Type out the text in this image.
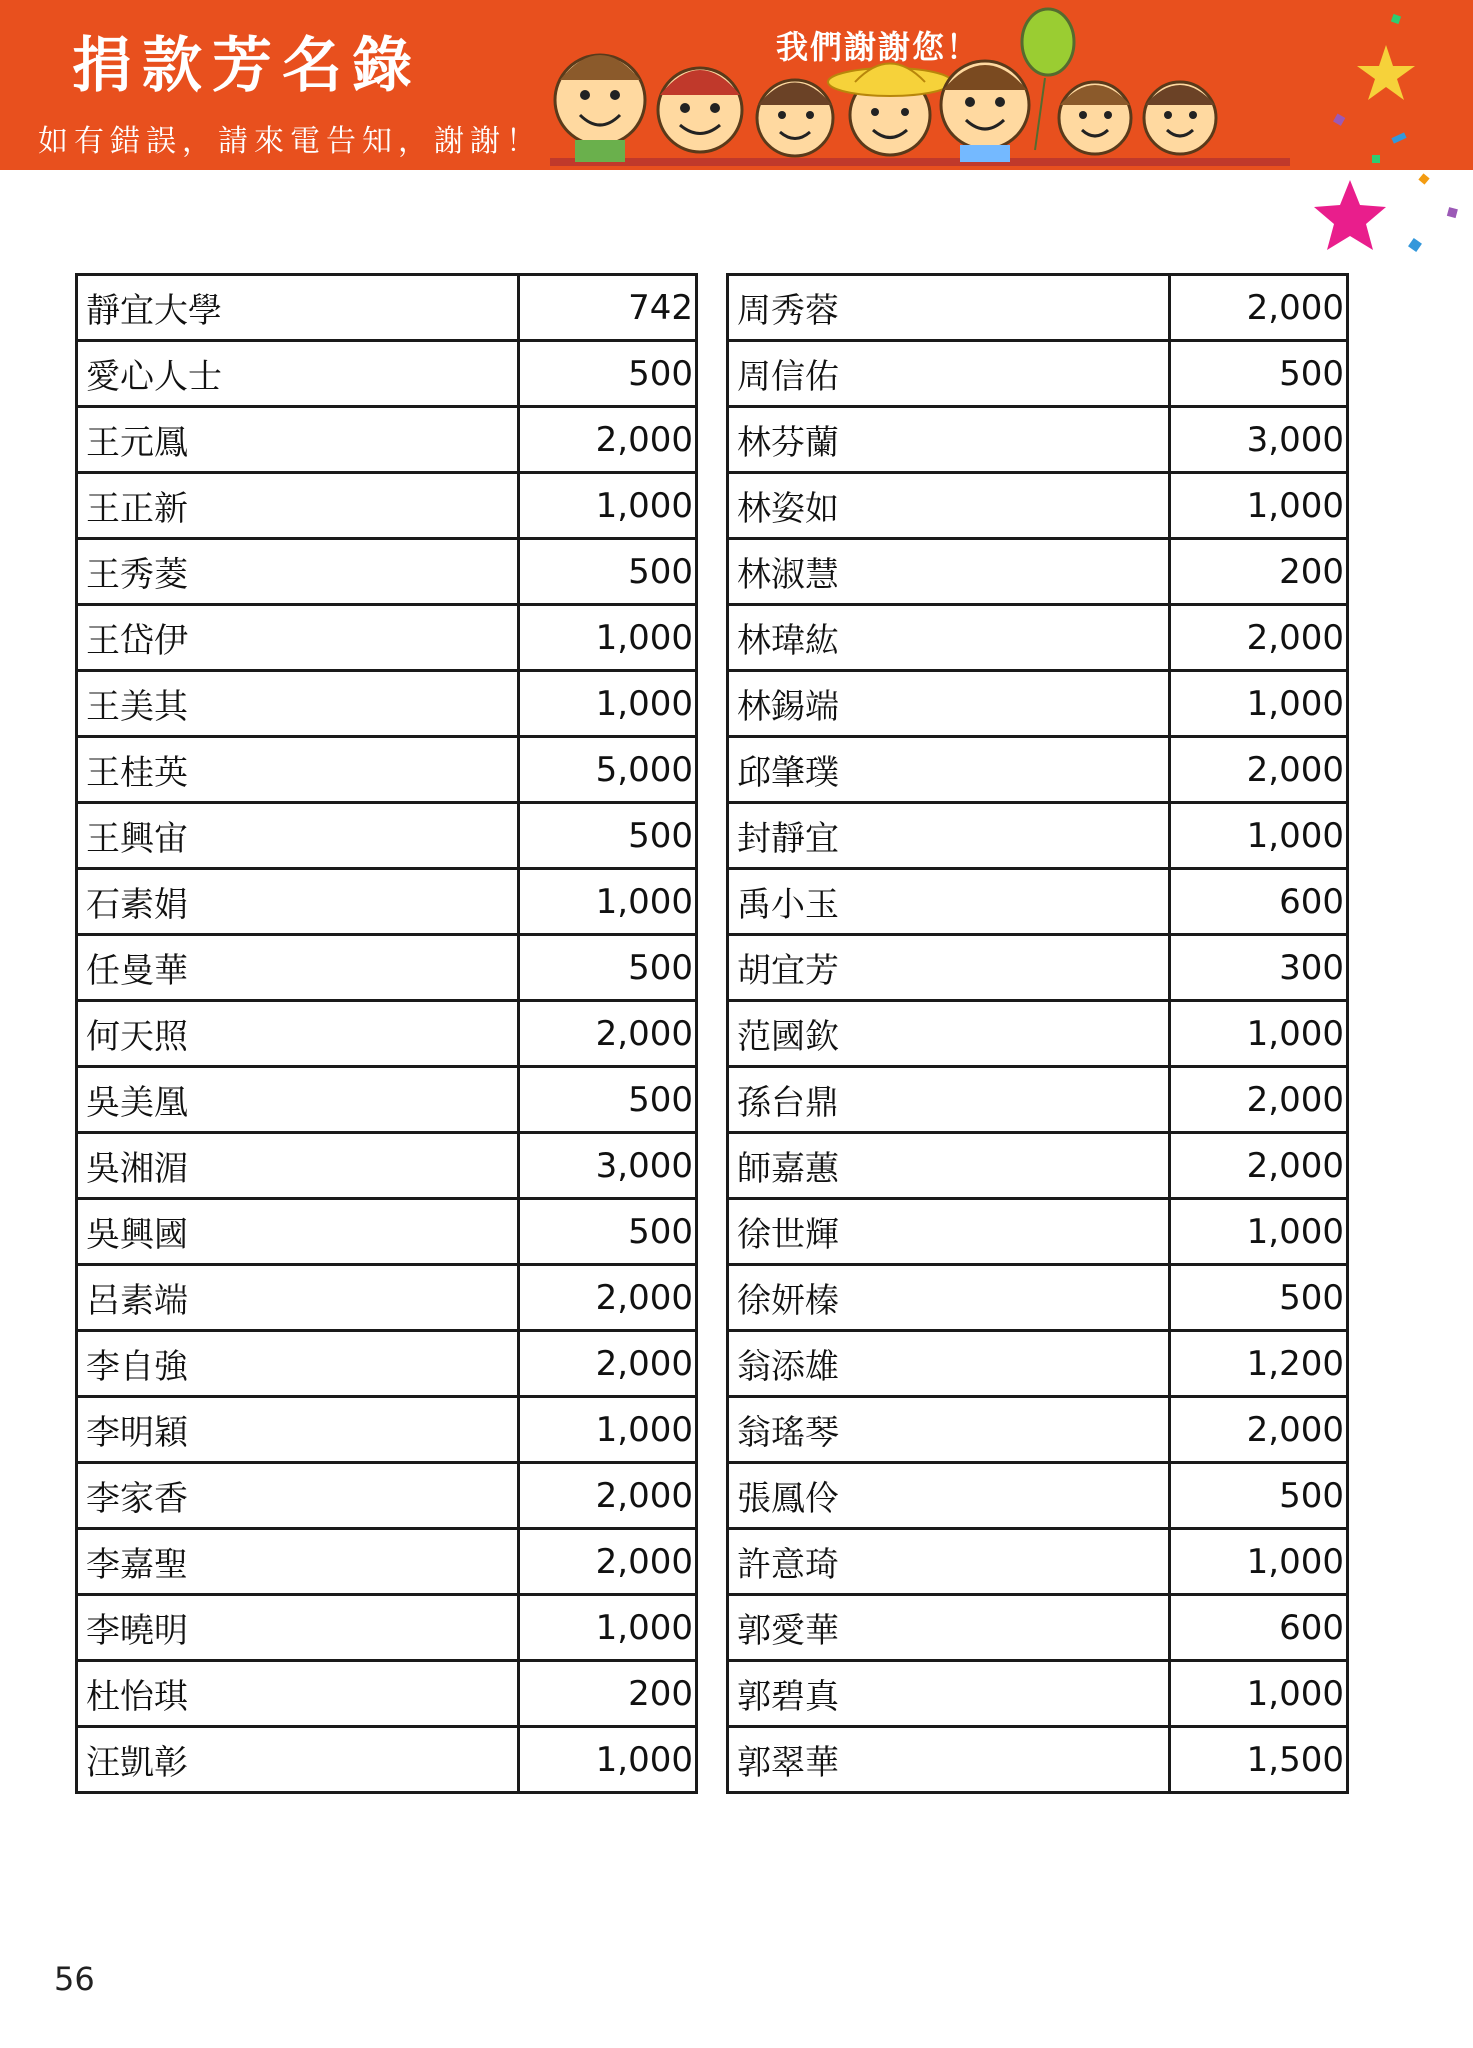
捐款芳名錄
如有錯誤，請來電告知，謝謝！
我們謝謝您！
靜宜大學	742
愛心人士	500
王元鳳	2,000
王正新	1,000
王秀菱	500
王岱伊	1,000
王美其	1,000
王桂英	5,000
王興宙	500
石素娟	1,000
任曼華	500
何天照	2,000
吳美凰	500
吳湘湄	3,000
吳興國	500
呂素端	2,000
李自強	2,000
李明穎	1,000
李家香	2,000
李嘉聖	2,000
李曉明	1,000
杜怡琪	200
汪凱彰	1,000
周秀蓉	2,000
周信佑	500
林芬蘭	3,000
林姿如	1,000
林淑慧	200
林瑋紘	2,000
林錫端	1,000
邱肇璞	2,000
封靜宜	1,000
禹小玉	600
胡宜芳	300
范國欽	1,000
孫台鼎	2,000
師嘉蕙	2,000
徐世輝	1,000
徐妍榛	500
翁添雄	1,200
翁瑤琴	2,000
張鳳伶	500
許意琦	1,000
郭愛華	600
郭碧真	1,000
郭翠華	1,500
56
